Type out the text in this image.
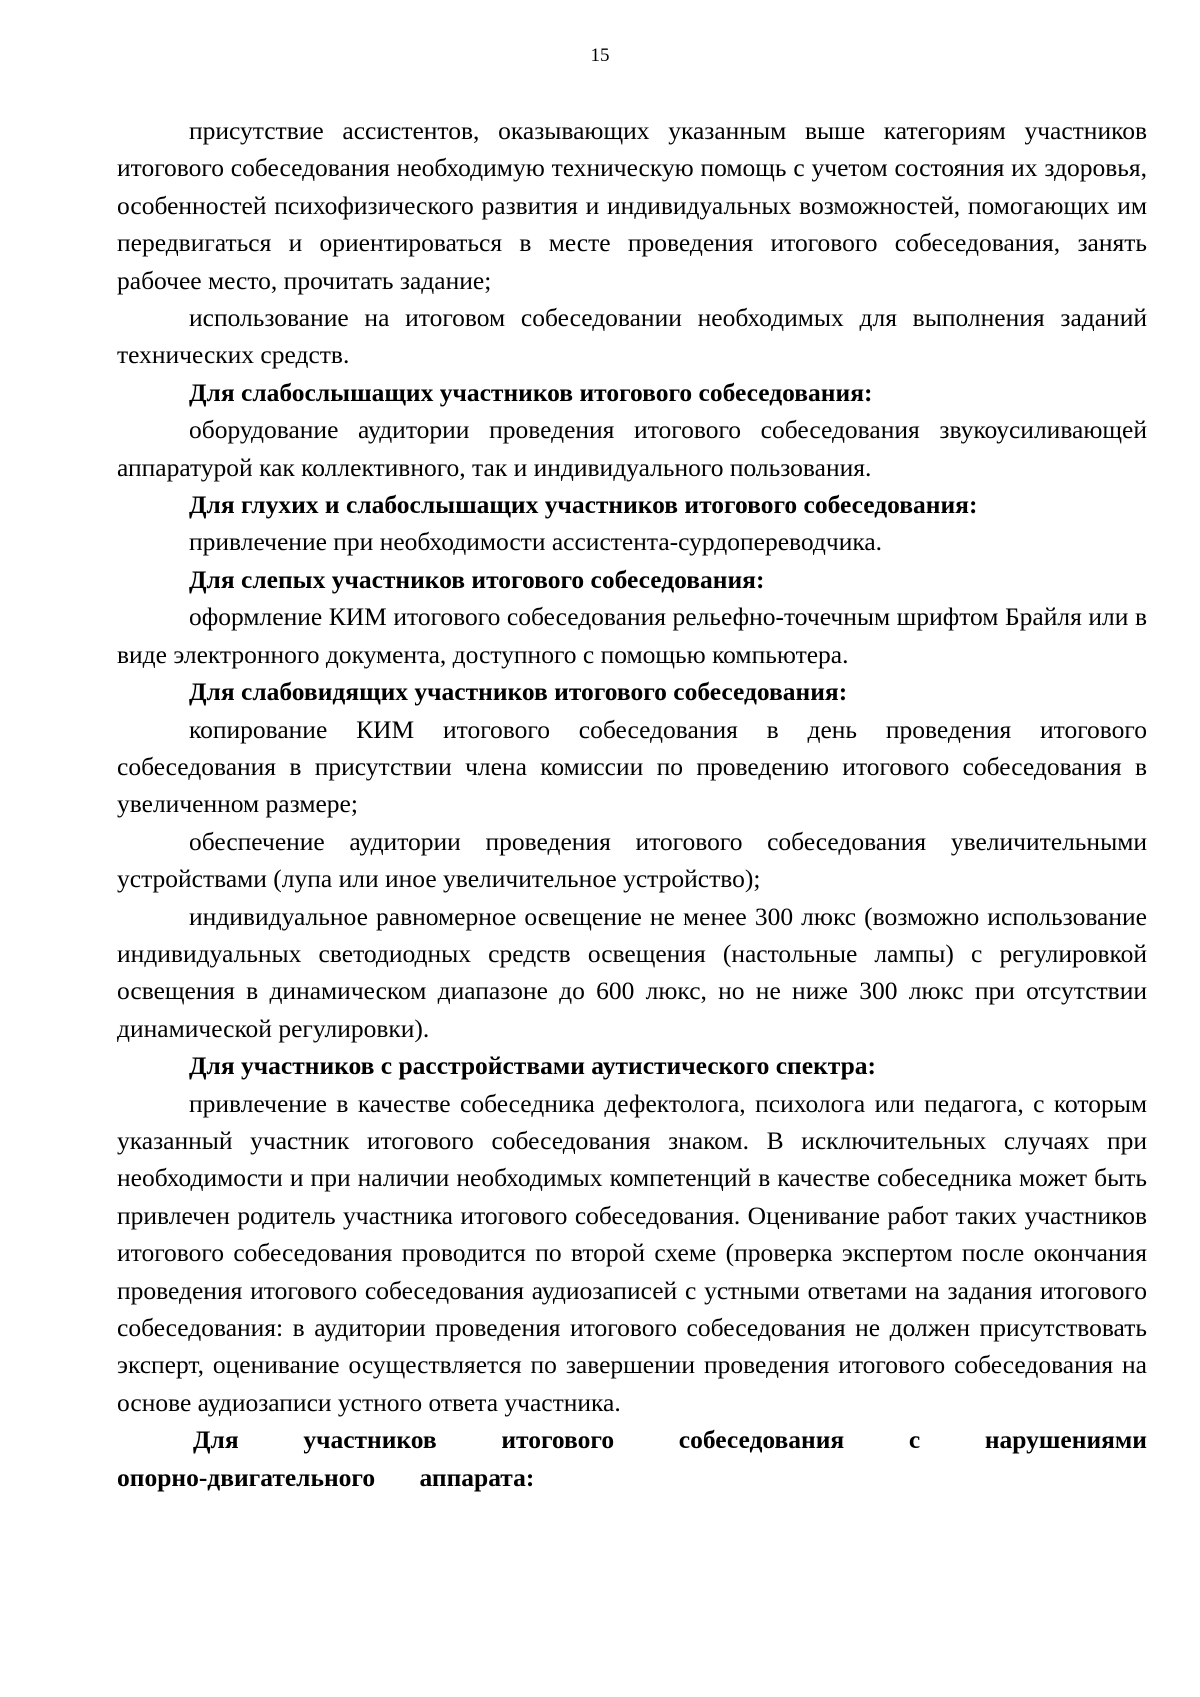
15

присутствие ассистентов, оказывающих указанным выше категориям участников итогового собеседования необходимую техническую помощь с учетом состояния их здоровья, особенностей психофизического развития и индивидуальных возможностей, помогающих им передвигаться и ориентироваться в месте проведения итогового собеседования, занять рабочее место, прочитать задание;

использование на итоговом собеседовании необходимых для выполнения заданий технических средств.

Для слабослышащих участников итогового собеседования:

оборудование аудитории проведения итогового собеседования звукоусиливающей аппаратурой как коллективного, так и индивидуального пользования.

Для глухих и слабослышащих участников итогового собеседования:

привлечение при необходимости ассистента-сурдопереводчика.

Для слепых участников итогового собеседования:

оформление КИМ итогового собеседования рельефно-точечным шрифтом Брайля или в виде электронного документа, доступного с помощью компьютера.

Для слабовидящих участников итогового собеседования:

копирование КИМ итогового собеседования в день проведения итогового собеседования в присутствии члена комиссии по проведению итогового собеседования в увеличенном размере;

обеспечение аудитории проведения итогового собеседования увеличительными устройствами (лупа или иное увеличительное устройство);

индивидуальное равномерное освещение не менее 300 люкс (возможно использование индивидуальных светодиодных средств освещения (настольные лампы) с регулировкой освещения в динамическом диапазоне до 600 люкс, но не ниже 300 люкс при отсутствии динамической регулировки).

Для участников с расстройствами аутистического спектра:

привлечение в качестве собеседника дефектолога, психолога или педагога, с которым указанный участник итогового собеседования знаком. В исключительных случаях при необходимости и при наличии необходимых компетенций в качестве собеседника может быть привлечен родитель участника итогового собеседования. Оценивание работ таких участников итогового собеседования проводится по второй схеме (проверка экспертом после окончания проведения итогового собеседования аудиозаписей с устными ответами на задания итогового собеседования: в аудитории проведения итогового собеседования не должен присутствовать эксперт, оценивание осуществляется по завершении проведения итогового собеседования на основе аудиозаписи устного ответа участника.

Для участников итогового собеседования с нарушениями опорно-двигательного аппарата:
